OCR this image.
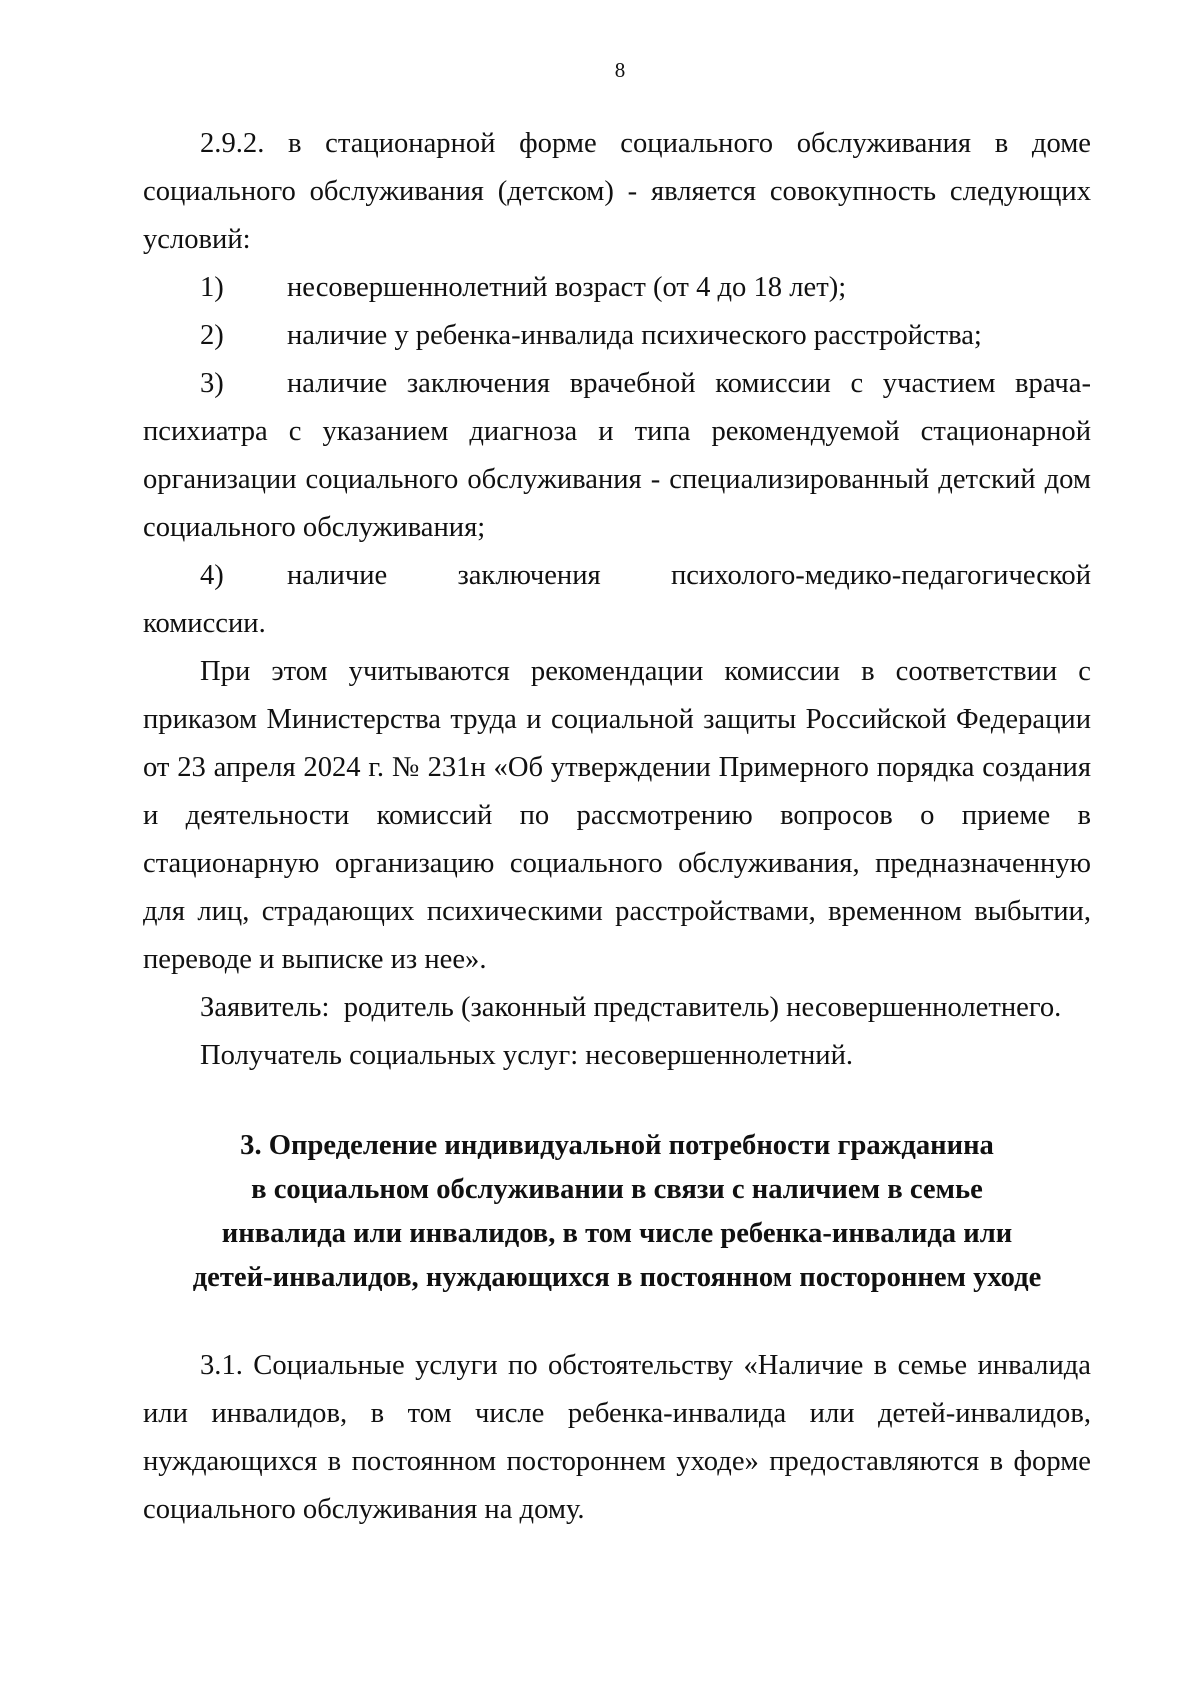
8

2.9.2. в стационарной форме социального обслуживания в доме социального обслуживания (детском) - является совокупность следующих условий:

1)	несовершеннолетний возраст (от 4 до 18 лет);
2)	наличие у ребенка-инвалида психического расстройства;

3) наличие заключения врачебной комиссии с участием врача-психиатра с указанием диагноза и типа рекомендуемой стационарной организации социального обслуживания - специализированный детский дом социального обслуживания;

4) наличие заключения психолого-медико-педагогической комиссии.

При этом учитываются рекомендации комиссии в соответствии с приказом Министерства труда и социальной защиты Российской Федерации от 23 апреля 2024 г. № 231н «Об утверждении Примерного порядка создания и деятельности комиссий по рассмотрению вопросов о приеме в стационарную организацию социального обслуживания, предназначенную для лиц, страдающих психическими расстройствами, временном выбытии, переводе и выписке из нее».

Заявитель:  родитель (законный представитель) несовершеннолетнего.

Получатель социальных услуг: несовершеннолетний.

3. Определение индивидуальной потребности гражданина
в социальном обслуживании в связи с наличием в семье
инвалида или инвалидов, в том числе ребенка-инвалида или
детей-инвалидов, нуждающихся в постоянном постороннем уходе

3.1. Социальные услуги по обстоятельству «Наличие в семье инвалида или инвалидов, в том числе ребенка-инвалида или детей-инвалидов, нуждающихся в постоянном постороннем уходе» предоставляются в форме социального обслуживания на дому.
